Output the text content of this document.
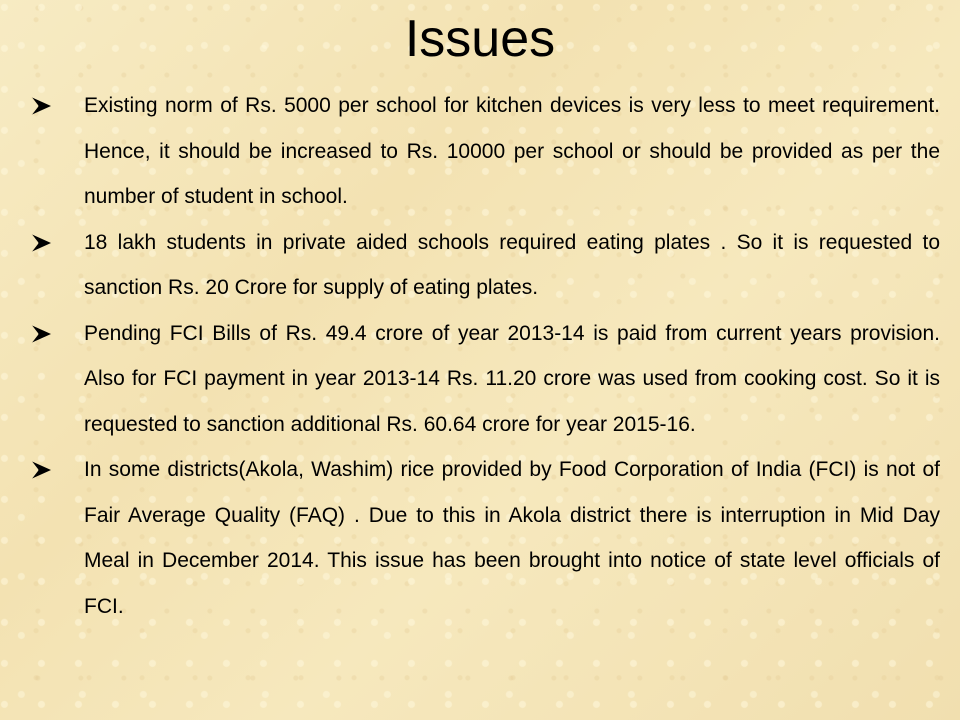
Issues
Existing norm of Rs. 5000 per school for kitchen devices is very less to meet requirement. Hence, it should be increased to Rs. 10000 per school or should be provided as per the number of student in school.
18 lakh students in private aided schools required eating plates . So it is requested to sanction Rs. 20 Crore for supply of eating plates.
Pending FCI Bills of Rs. 49.4 crore of year 2013-14 is paid from current years provision. Also for FCI payment in year 2013-14 Rs. 11.20 crore was used from cooking cost. So it is requested to sanction additional Rs. 60.64 crore for year 2015-16.
In some districts(Akola, Washim) rice provided by Food Corporation of India (FCI) is not of Fair Average Quality (FAQ) . Due to this in Akola district there is interruption in Mid Day Meal in December 2014. This issue has been brought into notice of state level officials of FCI.
